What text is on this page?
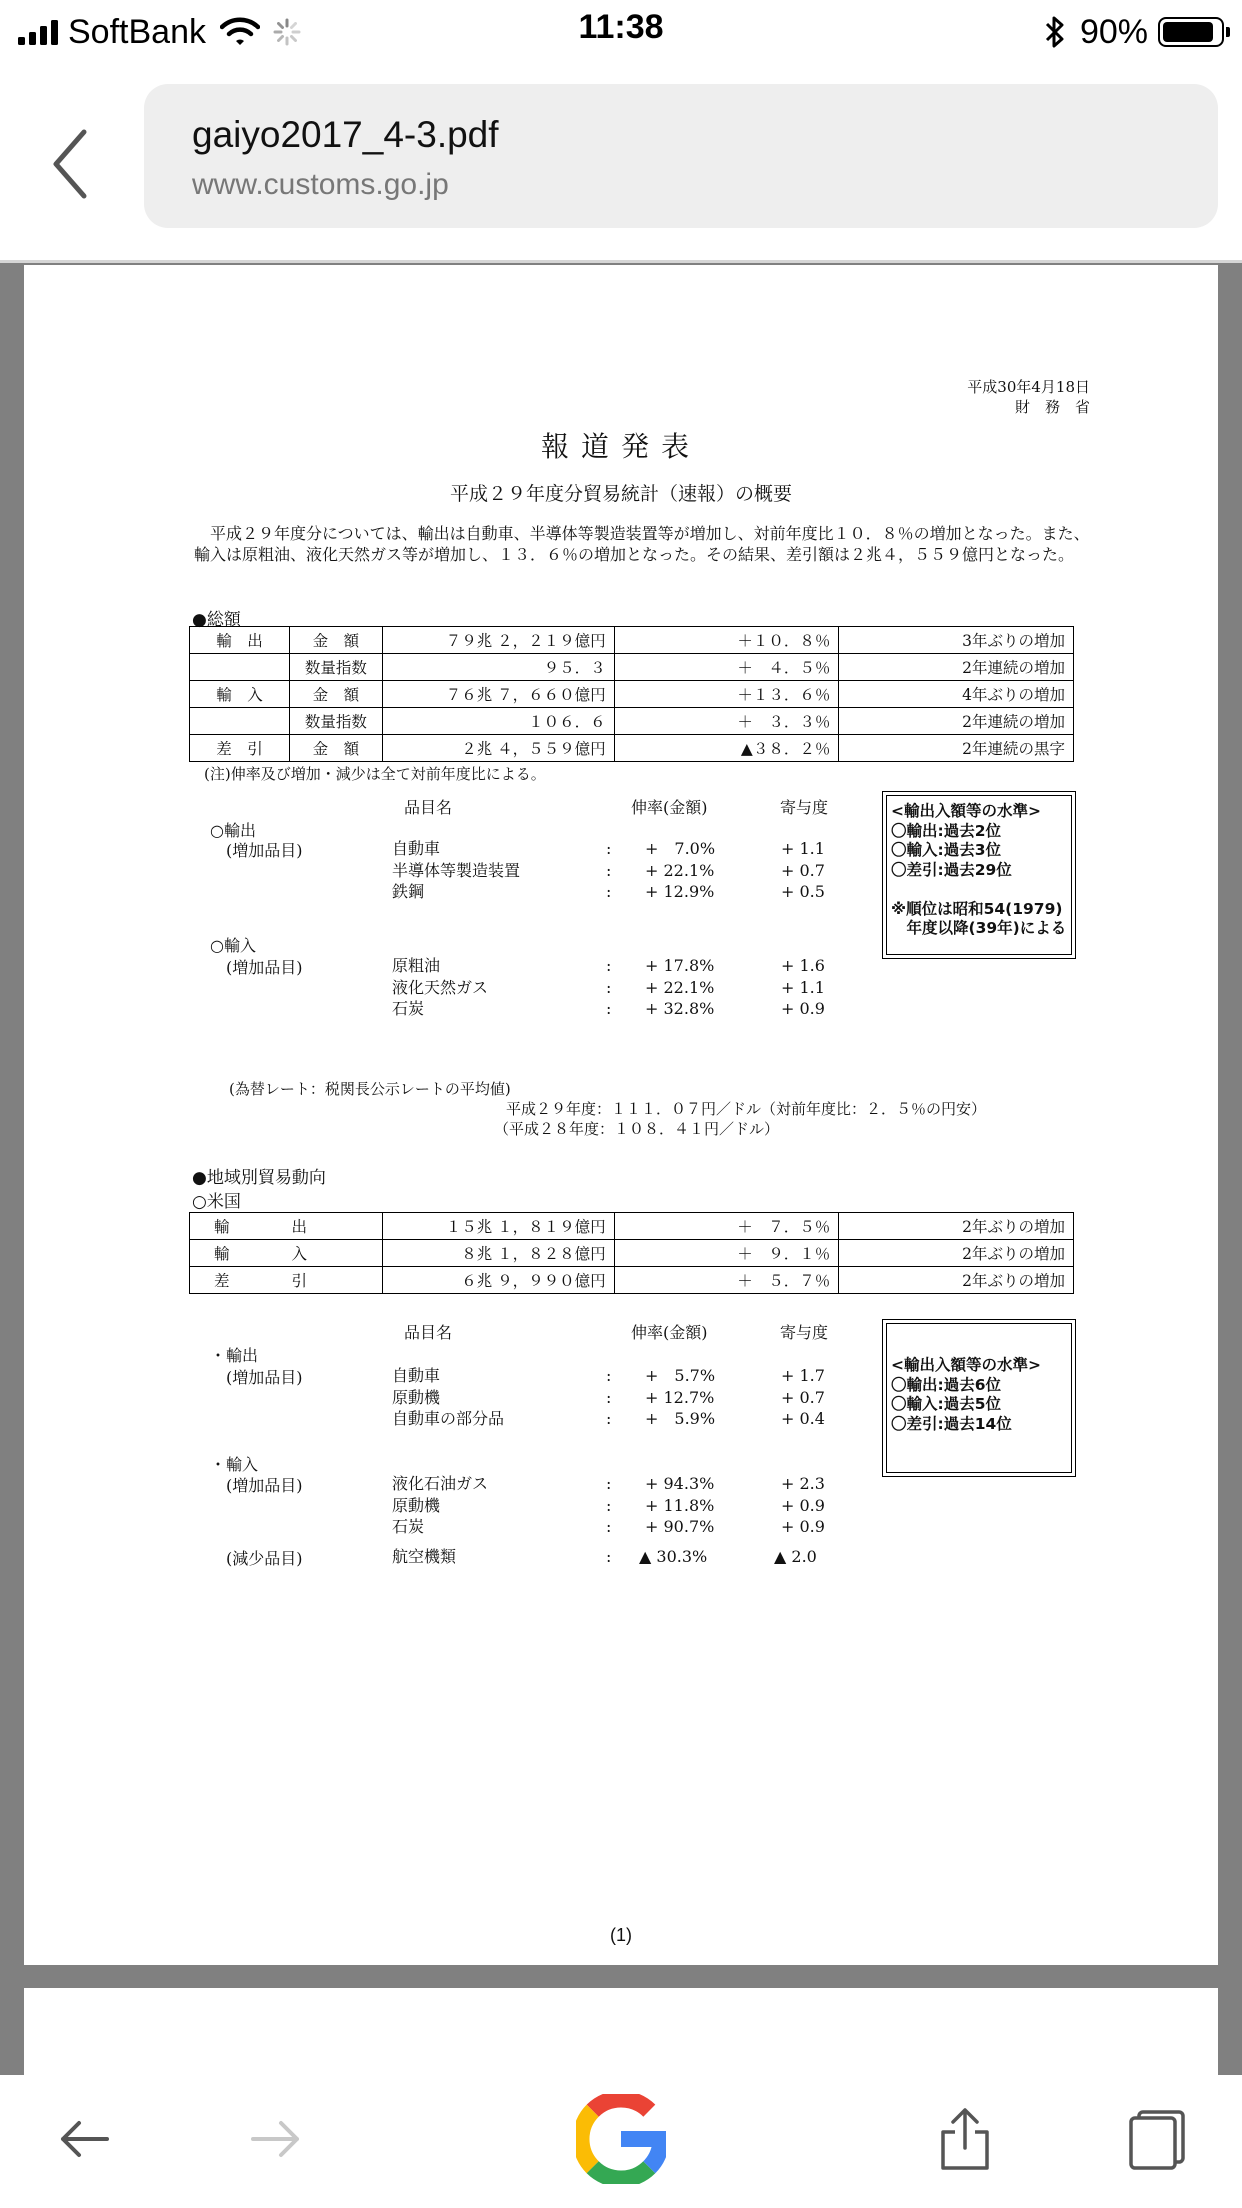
SoftBank	11:38	90%
gaiyo2017_4-3.pdf
www.customs.go.jp
平成30年4月18日
財　務　省
報道発表
平成２９年度分貿易統計（速報）の概要
平成２９年度分については、輸出は自動車、半導体等製造装置等が増加し、対前年度比１０．８％の増加となった。また、輸入は原粗油、液化天然ガス等が増加し、１３．６％の増加となった。その結果、差引額は２兆４，５５９億円となった。
●総額
輸　出	金　額	７９兆 ２，２１９億円	＋１０．８％	3年ぶりの増加
	数量指数	９５．３	＋　４．５％	2年連続の増加
輸　入	金　額	７６兆 ７，６６０億円	＋１３．６％	4年ぶりの増加
	数量指数	１０６．６	＋　３．３％	2年連続の増加
差　引	金　額	２兆 ４，５５９億円	▲３８．２％	2年連続の黒字
(注)伸率及び増加・減少は全て対前年度比による。
品目名	伸率(金額)	寄与度
○輸出
(増加品目)	自動車	: +　7.0%	+ 1.1
半導体等製造装置	: + 22.1%	+ 0.7
鉄鋼	: + 12.9%	+ 0.5
○輸入
(増加品目)	原粗油	: + 17.8%	+ 1.6
液化天然ガス	: + 22.1%	+ 1.1
石炭	: + 32.8%	+ 0.9
<輸出入額等の水準>
〇輸出:過去2位
〇輸入:過去3位
〇差引:過去29位
※順位は昭和54(1979)
　年度以降(39年)による
(為替レート：税関長公示レートの平均値)
平成２９年度：１１１．０７円／ドル（対前年度比：２．５％の円安）
（平成２８年度：１０８．４１円／ドル）
●地域別貿易動向
○米国
輸　　　　出	１５兆 １，８１９億円	＋　７．５％	2年ぶりの増加
輸　　　　入	８兆 １，８２８億円	＋　９．１％	2年ぶりの増加
差　　　　引	６兆 ９，９９０億円	＋　５．７％	2年ぶりの増加
品目名	伸率(金額)	寄与度
・輸出
(増加品目)	自動車	: +　5.7%	+ 1.7
原動機	: + 12.7%	+ 0.7
自動車の部分品	: +　5.9%	+ 0.4
・輸入
(増加品目)	液化石油ガス	: + 94.3%	+ 2.3
原動機	: + 11.8%	+ 0.9
石炭	: + 90.7%	+ 0.9
(減少品目)	航空機類	: ▲ 30.3%	▲ 2.0
<輸出入額等の水準>
〇輸出:過去6位
〇輸入:過去5位
〇差引:過去14位
(1)
